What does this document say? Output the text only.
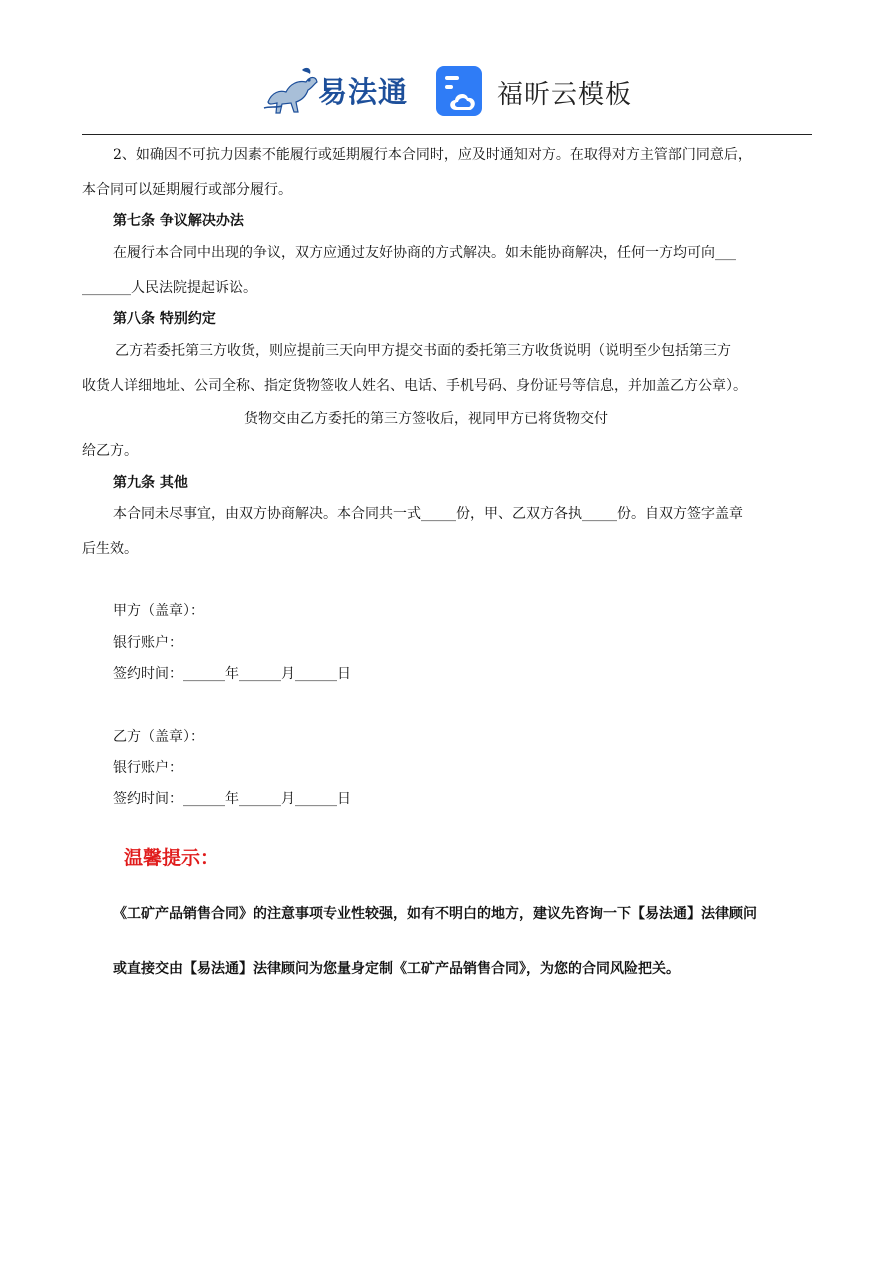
易法通	福昕云模板
2、如确因不可抗力因素不能履行或延期履行本合同时，应及时通知对方。在取得对方主管部门同意后，
本合同可以延期履行或部分履行。
第七条 争议解决办法
在履行本合同中出现的争议，双方应通过友好协商的方式解决。如未能协商解决，任何一方均可向___
_______人民法院提起诉讼。
第八条 特别约定
乙方若委托第三方收货，则应提前三天向甲方提交书面的委托第三方收货说明（说明至少包括第三方
收货人详细地址、公司全称、指定货物签收人姓名、电话、手机号码、身份证号等信息，并加盖乙方公章）。
货物交由乙方委托的第三方签收后，视同甲方已将货物交付
给乙方。
第九条 其他
本合同未尽事宜，由双方协商解决。本合同共一式_____份，甲、乙双方各执_____份。自双方签字盖章
后生效。
甲方（盖章）：
银行账户：
签约时间：______年______月______日
乙方（盖章）：
银行账户：
签约时间：______年______月______日
温馨提示：
《工矿产品销售合同》的注意事项专业性较强，如有不明白的地方，建议先咨询一下【易法通】法律顾问
或直接交由【易法通】法律顾问为您量身定制《工矿产品销售合同》，为您的合同风险把关。
